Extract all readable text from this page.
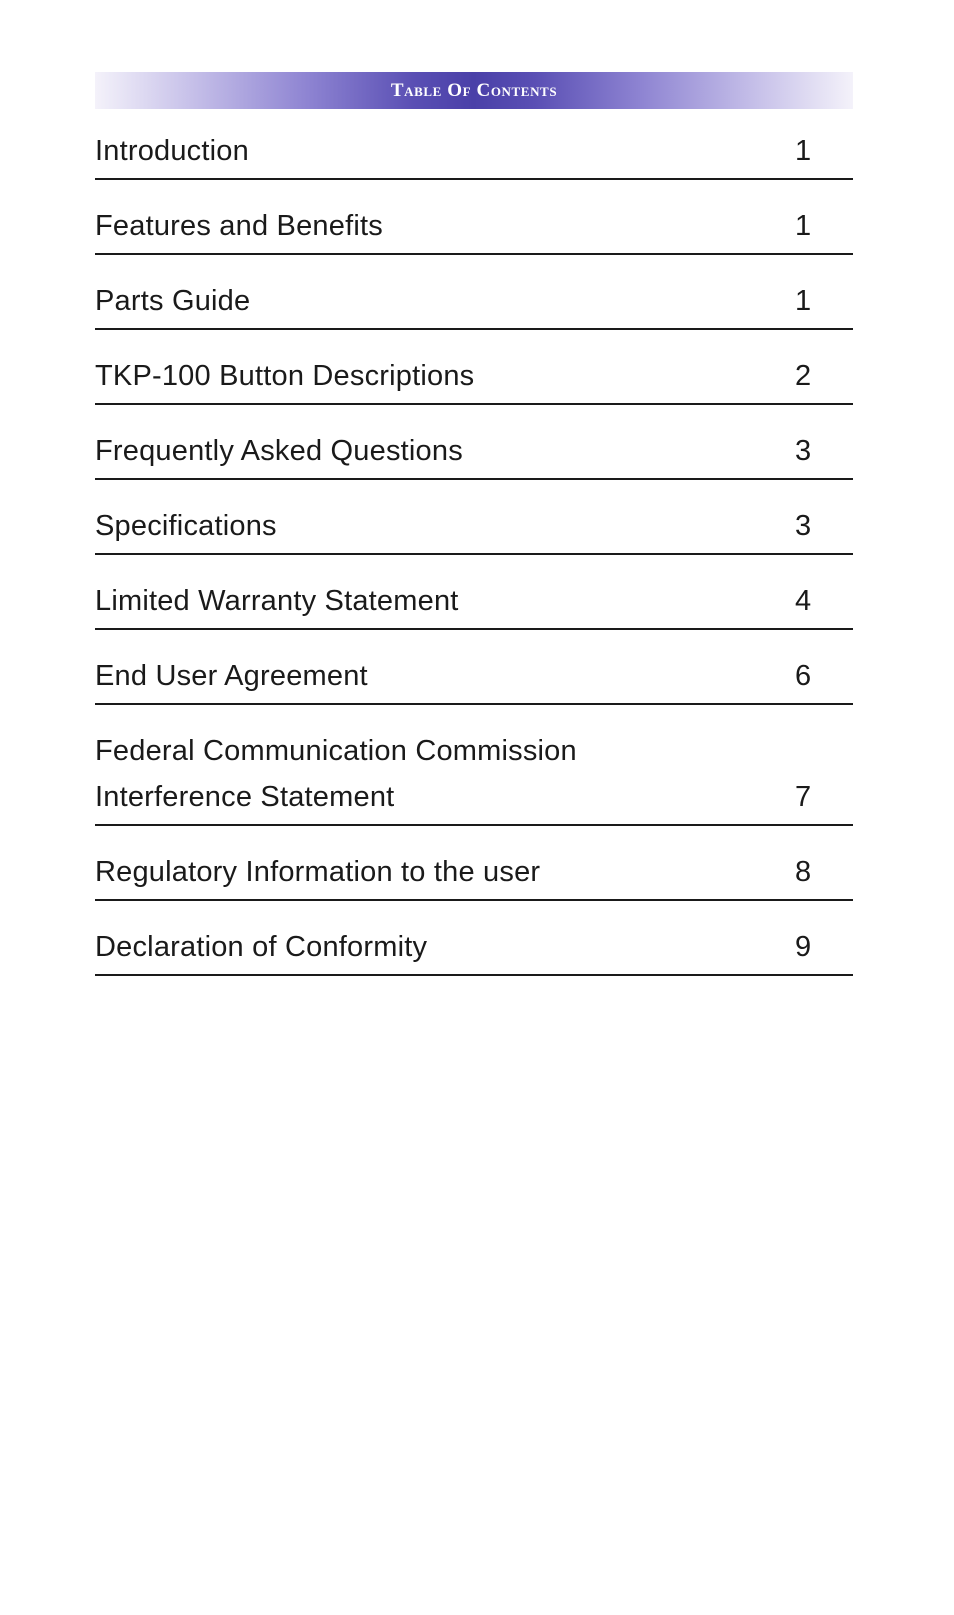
Table Of Contents
Introduction	1
Features and Benefits	1
Parts Guide	1
TKP-100 Button Descriptions	2
Frequently Asked Questions	3
Specifications	3
Limited Warranty Statement	4
End User Agreement	6
Federal Communication Commission
Interference Statement	7
Regulatory Information to the user	8
Declaration of Conformity	9
